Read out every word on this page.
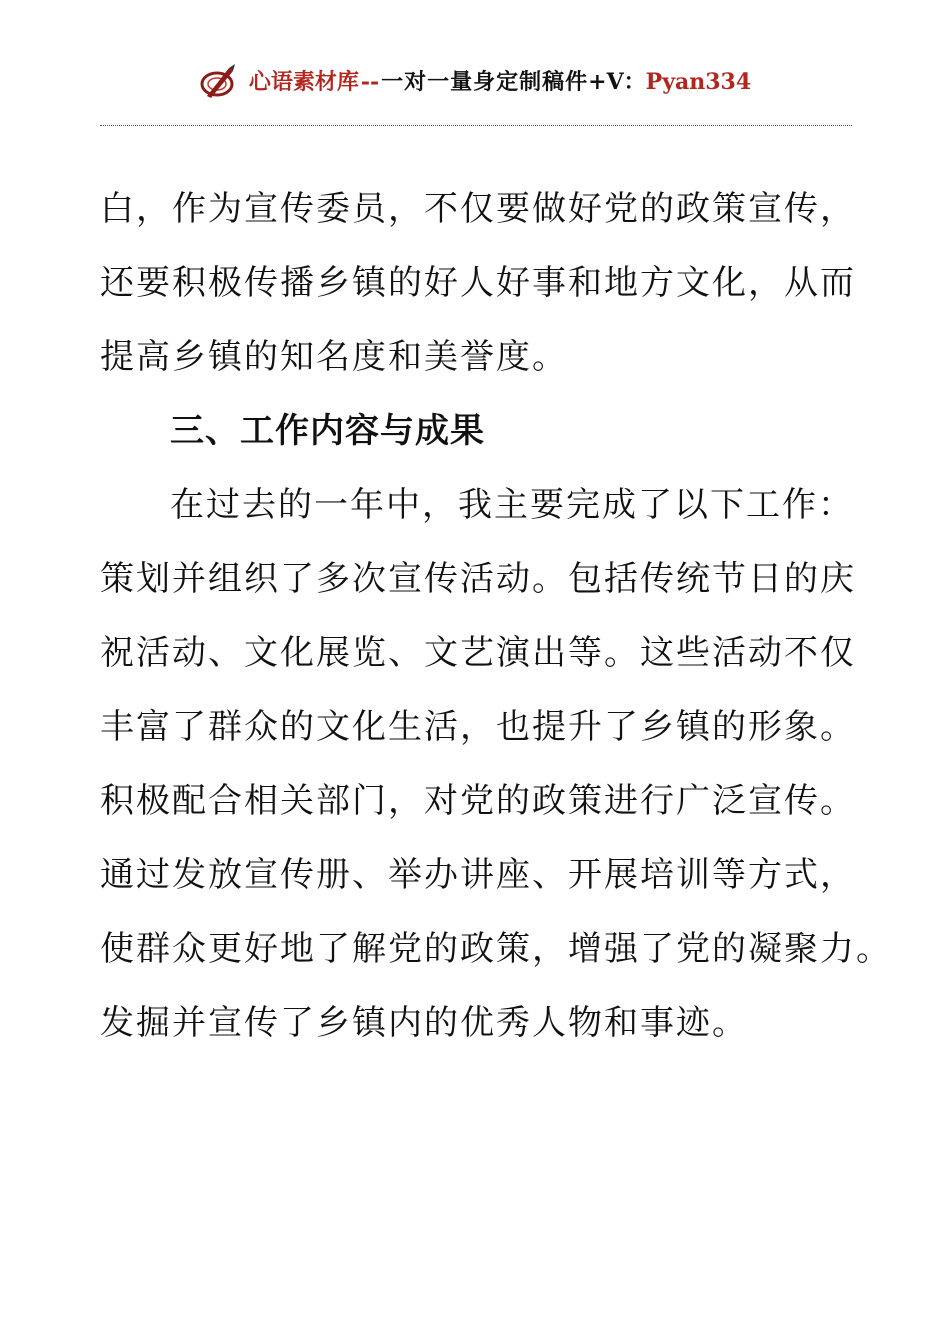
心语素材库--一对一量身定制稿件+V：Pyan334
白，作为宣传委员，不仅要做好党的政策宣传，
还要积极传播乡镇的好人好事和地方文化，从而
提高乡镇的知名度和美誉度。
三、工作内容与成果
在过去的一年中，我主要完成了以下工作：
策划并组织了多次宣传活动。包括传统节日的庆
祝活动、文化展览、文艺演出等。这些活动不仅
丰富了群众的文化生活，也提升了乡镇的形象。
积极配合相关部门，对党的政策进行广泛宣传。
通过发放宣传册、举办讲座、开展培训等方式，
使群众更好地了解党的政策，增强了党的凝聚力。
发掘并宣传了乡镇内的优秀人物和事迹。
